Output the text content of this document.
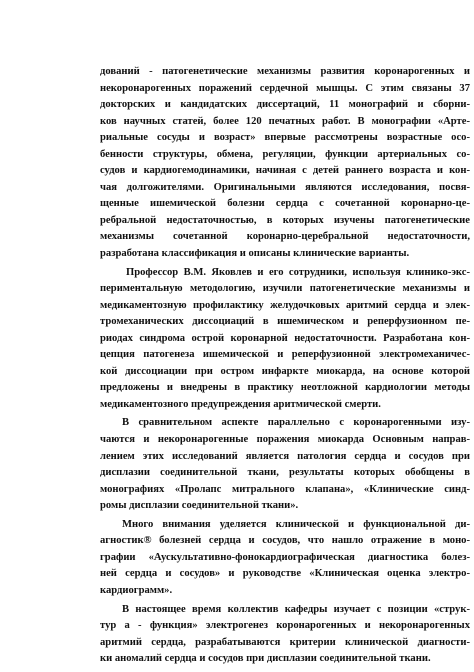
дований - патогенетические механизмы развития коронарогенных и
некоронарогенных поражений сердечной мышцы. С этим связаны 37
докторских и кандидатских диссертаций, 11 монографий и сборни-
ков научных статей, более 120 печатных работ. В монографии «Арте-
риальные сосуды и возраст» впервые рассмотрены возрастные осо-
бенности структуры, обмена, регуляции, функции артериальных со-
судов и кардиогемодинамики, начиная с детей раннего возраста и кон-
чая долгожителями. Оригинальными являются исследования, посвя-
щенные ишемической болезни сердца с сочетанной коронарно-це-
ребральной недостаточностью, в которых изучены патогенетические
механизмы сочетанной коронарно-церебральной недостаточности,
разработана классификация и описаны клинические варианты.
Профессор В.М. Яковлев и его сотрудники, используя клинико-экс-
периментальную методологию, изучили патогенетические механизмы и
медикаментозную профилактику желудочковых аритмий сердца и элек-
тромеханических диссоциаций в ишемическом и реперфузионном пе-
риодах синдрома острой коронарной недостаточности. Разработана кон-
цепция патогенеза ишемической и реперфузионной электромеханичес-
кой диссоциации при остром инфаркте миокарда, на основе которой
предложены и внедрены в практику неотложной кардиологии методы
медикаментозного предупреждения аритмической смерти.
В сравнительном аспекте параллельно с коронарогенными изу-
чаются и некоронарогенные поражения миокарда Основным направ-
лением этих исследований является патология сердца и сосудов при
дисплазии соединительной ткани, результаты которых обобщены в
монографиях «Пролапс митрального клапана», «Клинические синд-
ромы дисплазии соединительной ткани».
Много внимания уделяется клинической и функциональной ди-
агностик® болезней сердца и сосудов, что нашло отражение в моно-
графии «Аускультативно-фонокардиографическая диагностика болез-
ней сердца и сосудов» и руководстве «Клиническая оценка электро-
кардиограмм».
В настоящее время коллектив кафедры изучает с позиции «струк-
тур а - функция» электрогенез коронарогенных и некоронарогенных
аритмий сердца, разрабатываются критерии клинической диагности-
ки аномалий сердца и сосудов при дисплазии соединительной ткани.
